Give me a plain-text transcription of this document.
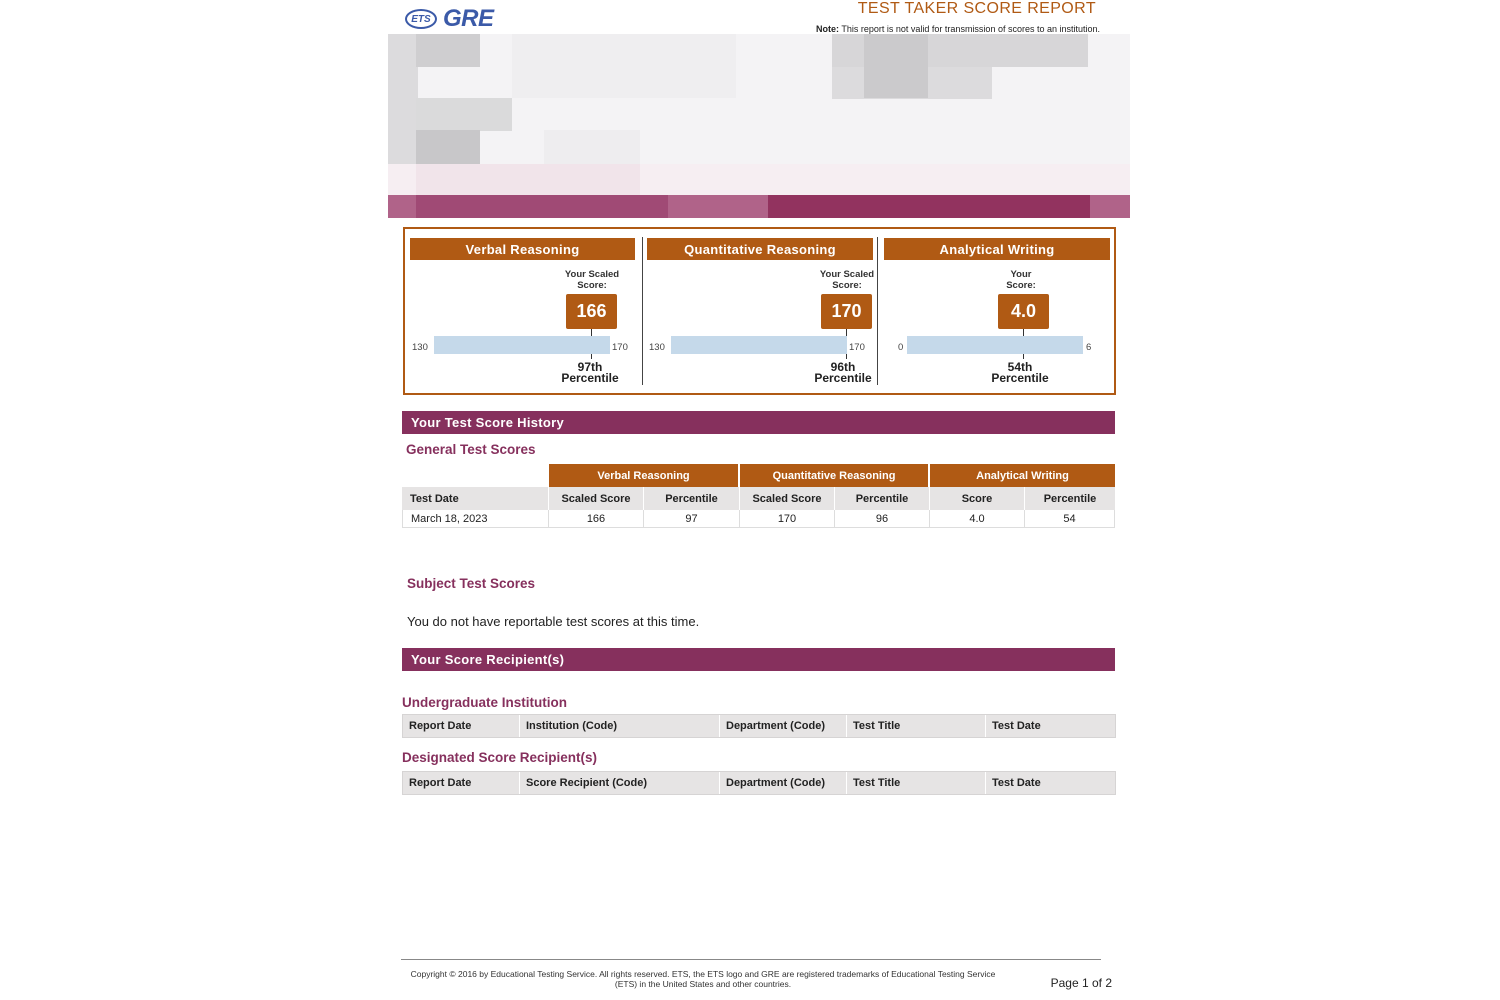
ETS GRE	TEST TAKER SCORE REPORT
Note: This report is not valid for transmission of scores to an institution.
Verbal Reasoning
Your Scaled
Score:
166
130	170
97th
Percentile
Quantitative Reasoning
Your Scaled
Score:
170
130	170
96th
Percentile
Analytical Writing
Your
Score:
4.0
0	6
54th
Percentile
Your Test Score History
General Test Scores
Verbal Reasoning	Quantitative Reasoning	Analytical Writing
Test Date	Scaled Score	Percentile	Scaled Score	Percentile	Score	Percentile
March 18, 2023	166	97	170	96	4.0	54
Subject Test Scores
You do not have reportable test scores at this time.
Your Score Recipient(s)
Undergraduate Institution
Report Date	Institution (Code)	Department (Code)	Test Title	Test Date
Designated Score Recipient(s)
Report Date	Score Recipient (Code)	Department (Code)	Test Title	Test Date
Copyright © 2016 by Educational Testing Service. All rights reserved. ETS, the ETS logo and GRE are registered trademarks of Educational Testing Service (ETS) in the United States and other countries.	Page 1 of 2
